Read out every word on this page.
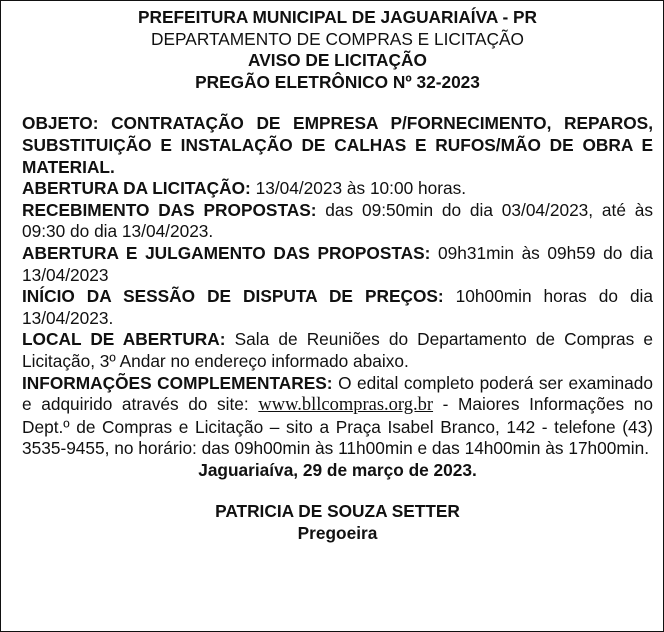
PREFEITURA MUNICIPAL DE JAGUARIAÍVA - PR
DEPARTAMENTO DE COMPRAS E LICITAÇÃO
AVISO DE LICITAÇÃO
PREGÃO ELETRÔNICO Nº 32-2023

OBJETO: CONTRATAÇÃO DE EMPRESA P/FORNECIMENTO, REPAROS, SUBSTITUIÇÃO E INSTALAÇÃO DE CALHAS E RUFOS/MÃO DE OBRA E MATERIAL.

ABERTURA DA LICITAÇÃO: 13/04/2023 às 10:00 horas.

RECEBIMENTO DAS PROPOSTAS: das 09:50min do dia 03/04/2023, até às 09:30 do dia 13/04/2023.

ABERTURA E JULGAMENTO DAS PROPOSTAS: 09h31min às 09h59 do dia 13/04/2023

INÍCIO DA SESSÃO DE DISPUTA DE PREÇOS: 10h00min horas do dia 13/04/2023.

LOCAL DE ABERTURA: Sala de Reuniões do Departamento de Compras e Licitação, 3º Andar no endereço informado abaixo.

INFORMAÇÕES COMPLEMENTARES: O edital completo poderá ser examinado e adquirido através do site: www.bllcompras.org.br - Maiores Informações no Dept.º de Compras e Licitação – sito a Praça Isabel Branco, 142 - telefone (43) 3535-9455, no horário: das 09h00min às 11h00min e das 14h00min às 17h00min.

Jaguariaíva, 29 de março de 2023.

PATRICIA DE SOUZA SETTER
Pregoeira
